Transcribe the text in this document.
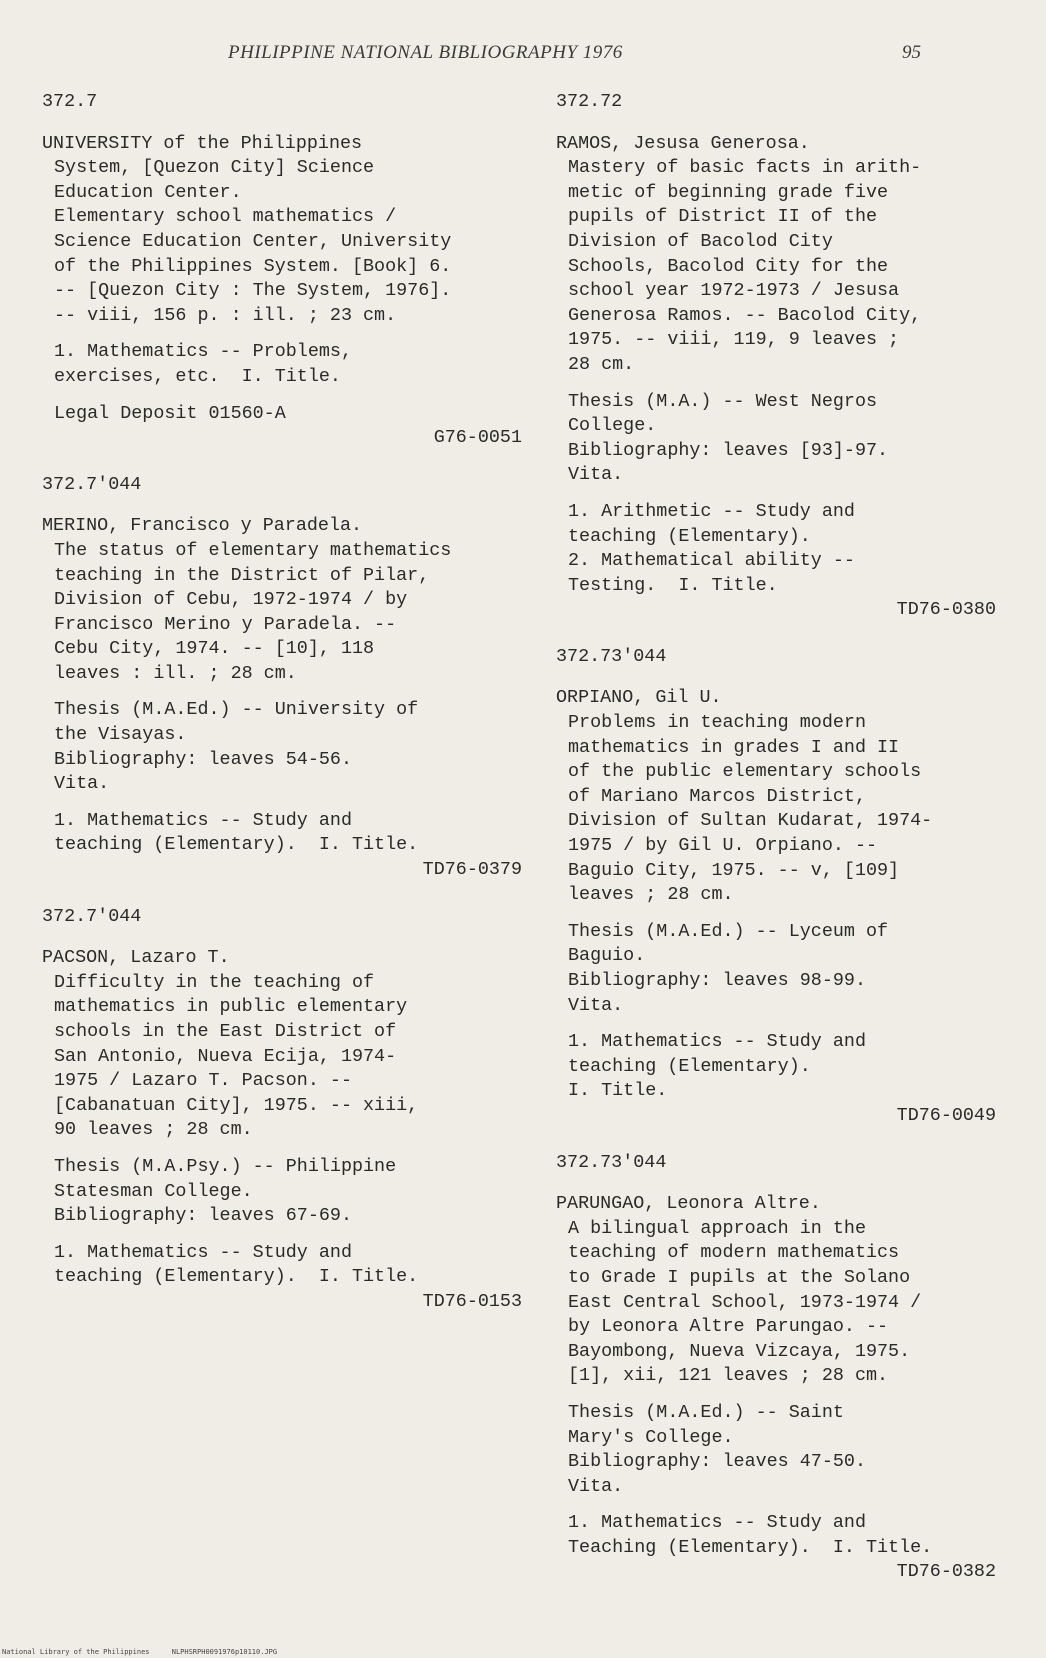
PHILIPPINE NATIONAL BIBLIOGRAPHY 1976	95
372.7
UNIVERSITY of the Philippines
System, [Quezon City] Science
Education Center.
Elementary school mathematics /
Science Education Center, University
of the Philippines System. [Book] 6.
-- [Quezon City : The System, 1976].
-- viii, 156 p. : ill. ; 23 cm.
1. Mathematics -- Problems,
exercises, etc.  I. Title.
Legal Deposit 01560-A
G76-0051
372.7'044
MERINO, Francisco y Paradela.
The status of elementary mathematics
teaching in the District of Pilar,
Division of Cebu, 1972-1974 / by
Francisco Merino y Paradela. --
Cebu City, 1974. -- [10], 118
leaves : ill. ; 28 cm.
Thesis (M.A.Ed.) -- University of
the Visayas.
Bibliography: leaves 54-56.
Vita.
1. Mathematics -- Study and
teaching (Elementary).  I. Title.
TD76-0379
372.7'044
PACSON, Lazaro T.
Difficulty in the teaching of
mathematics in public elementary
schools in the East District of
San Antonio, Nueva Ecija, 1974-
1975 / Lazaro T. Pacson. --
[Cabanatuan City], 1975. -- xiii,
90 leaves ; 28 cm.
Thesis (M.A.Psy.) -- Philippine
Statesman College.
Bibliography: leaves 67-69.
1. Mathematics -- Study and
teaching (Elementary).  I. Title.
TD76-0153
372.72
RAMOS, Jesusa Generosa.
Mastery of basic facts in arith-
metic of beginning grade five
pupils of District II of the
Division of Bacolod City
Schools, Bacolod City for the
school year 1972-1973 / Jesusa
Generosa Ramos. -- Bacolod City,
1975. -- viii, 119, 9 leaves ;
28 cm.
Thesis (M.A.) -- West Negros
College.
Bibliography: leaves [93]-97.
Vita.
1. Arithmetic -- Study and
teaching (Elementary).
2. Mathematical ability --
Testing.  I. Title.
TD76-0380
372.73'044
ORPIANO, Gil U.
Problems in teaching modern
mathematics in grades I and II
of the public elementary schools
of Mariano Marcos District,
Division of Sultan Kudarat, 1974-
1975 / by Gil U. Orpiano. --
Baguio City, 1975. -- v, [109]
leaves ; 28 cm.
Thesis (M.A.Ed.) -- Lyceum of
Baguio.
Bibliography: leaves 98-99.
Vita.
1. Mathematics -- Study and
teaching (Elementary).
I. Title.
TD76-0049
372.73'044
PARUNGAO, Leonora Altre.
A bilingual approach in the
teaching of modern mathematics
to Grade I pupils at the Solano
East Central School, 1973-1974 /
by Leonora Altre Parungao. --
Bayombong, Nueva Vizcaya, 1975.
[1], xii, 121 leaves ; 28 cm.
Thesis (M.A.Ed.) -- Saint
Mary's College.
Bibliography: leaves 47-50.
Vita.
1. Mathematics -- Study and
Teaching (Elementary).  I. Title.
TD76-0382
National Library of the Philippines	NLPHSRPH0091976p10110.JPG
